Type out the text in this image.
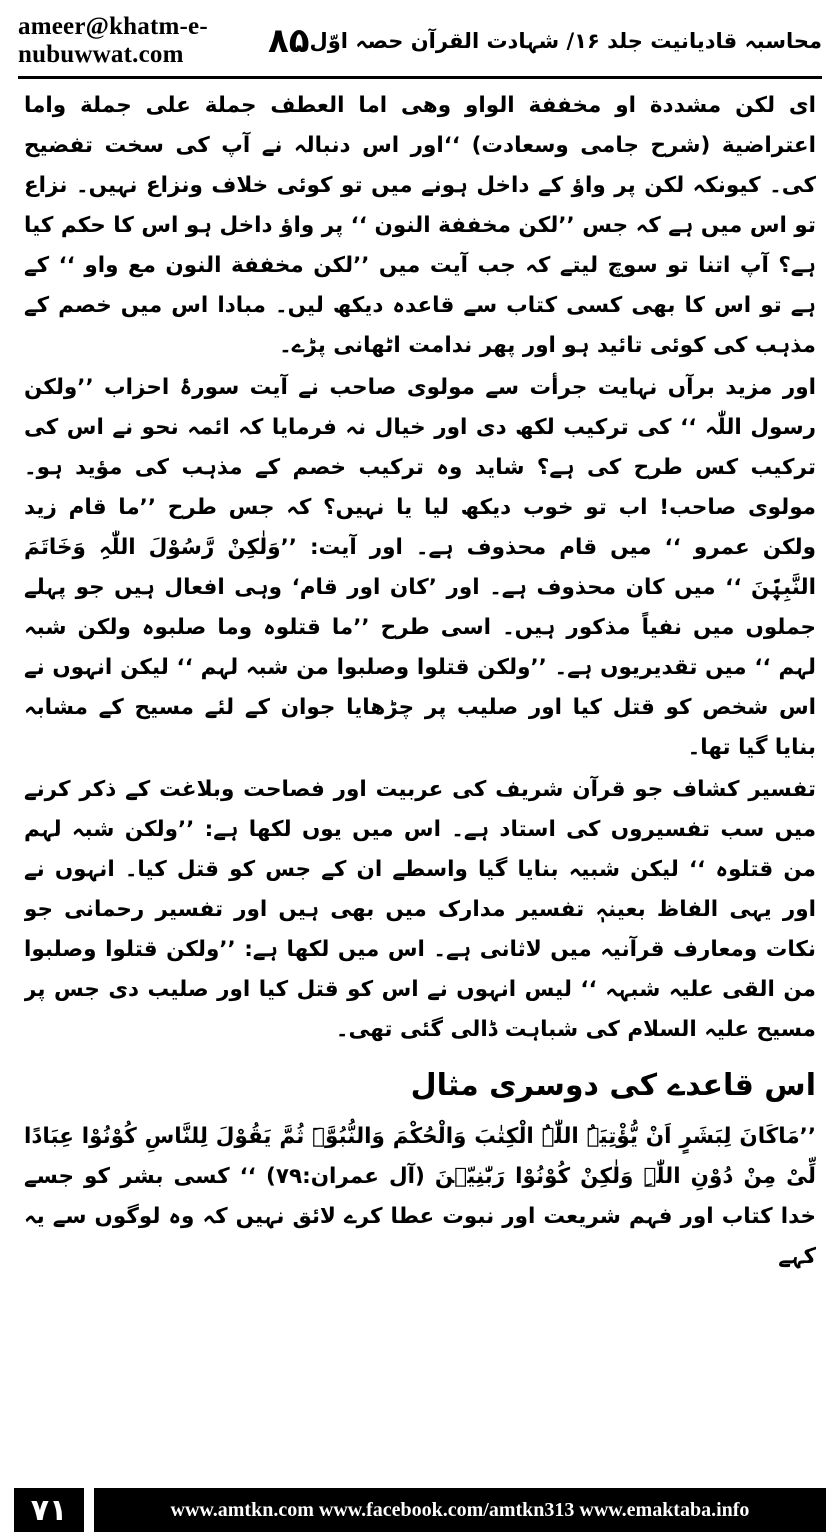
ameer@khatm-e-nubuwwat.com	۸۵ محاسبہ قادیانیت جلد ۱۶/ شہادت القرآن حصہ اوّل

ای لکن مشددة او مخففة الواو وھی اما العطف جملة علی جملة واما اعتراضیة (شرح جامی وسعادت) ‘‘اور اس دنبالہ نے آپ کی سخت تفضیح کی۔ کیونکہ لکن پر واؤ کے داخل ہونے میں تو کوئی خلاف ونزاع نہیں۔ نزاع تو اس میں ہے کہ جس ’’لکن مخففة النون ‘‘ پر واؤ داخل ہو اس کا حکم کیا ہے؟ آپ اتنا تو سوچ لیتے کہ جب آیت میں ’’لکن مخففة النون مع واو ‘‘ کے ہے تو اس کا بھی کسی کتاب سے قاعدہ دیکھ لیں۔ مبادا اس میں خصم کے مذہب کی کوئی تائید ہو اور پھر ندامت اٹھانی پڑے۔

اور مزید برآں نہایت جرأت سے مولوی صاحب نے آیت سورۂ احزاب ’’ولکن رسول اللّٰہ ‘‘ کی ترکیب لکھ دی اور خیال نہ فرمایا کہ ائمہ نحو نے اس کی ترکیب کس طرح کی ہے؟ شاید وہ ترکیب خصم کے مذہب کی مؤید ہو۔ مولوی صاحب! اب تو خوب دیکھ لیا یا نہیں؟ کہ جس طرح ’’ما قام زید ولکن عمرو ‘‘ میں قام محذوف ہے۔ اور آیت: ’’وَلٰکِنْ رَّسُوْلَ اللّٰہِ وَخَاتَمَ النَّبِیّٖنَ ‘‘ میں کان محذوف ہے۔ اور ’کان اور قام‘ وہی افعال ہیں جو پہلے جملوں میں نفیاً مذکور ہیں۔ اسی طرح ’’ما قتلوہ وما صلبوہ ولکن شبہ لہم ‘‘ میں تقدیریوں ہے۔ ’’ولکن قتلوا وصلبوا من شبہ لہم ‘‘ لیکن انہوں نے اس شخص کو قتل کیا اور صلیب پر چڑھایا جوان کے لئے مسیح کے مشابہ بنایا گیا تھا۔

تفسیر کشاف جو قرآن شریف کی عربیت اور فصاحت وبلاغت کے ذکر کرنے میں سب تفسیروں کی استاد ہے۔ اس میں یوں لکھا ہے: ’’ولکن شبہ لہم من قتلوہ ‘‘ لیکن شبیہ بنایا گیا واسطے ان کے جس کو قتل کیا۔ انہوں نے اور یہی الفاظ بعینہٖ تفسیر مدارک میں بھی ہیں اور تفسیر رحمانی جو نکات ومعارف قرآنیہ میں لاثانی ہے۔ اس میں لکھا ہے: ’’ولکن قتلوا وصلبوا من القی علیہ شبہہ ‘‘ لیس انہوں نے اس کو قتل کیا اور صلیب دی جس پر مسیح علیہ السلام کی شباہت ڈالی گئی تھی۔

اس قاعدے کی دوسری مثال

’’مَاکَانَ لِبَشَرٍ اَنْ یُّؤْتِیَہُ اللّٰہُ الْکِتٰبَ وَالْحُکْمَ وَالنُّبُوَّۃَ ثُمَّ یَقُوْلَ لِلنَّاسِ کُوْنُوْا عِبَادًا لِّیْ مِنْ دُوْنِ اللّٰہِ وَلٰکِنْ کُوْنُوْا رَبّٰنِیّٖنَ (آل عمران:۷۹) ‘‘ کسی بشر کو جسے خدا کتاب اور فہم شریعت اور نبوت عطا کرے لائق نہیں کہ وہ لوگوں سے یہ کہے

۷۱	www.amtkn.com www.facebook.com/amtkn313 www.emaktaba.info
